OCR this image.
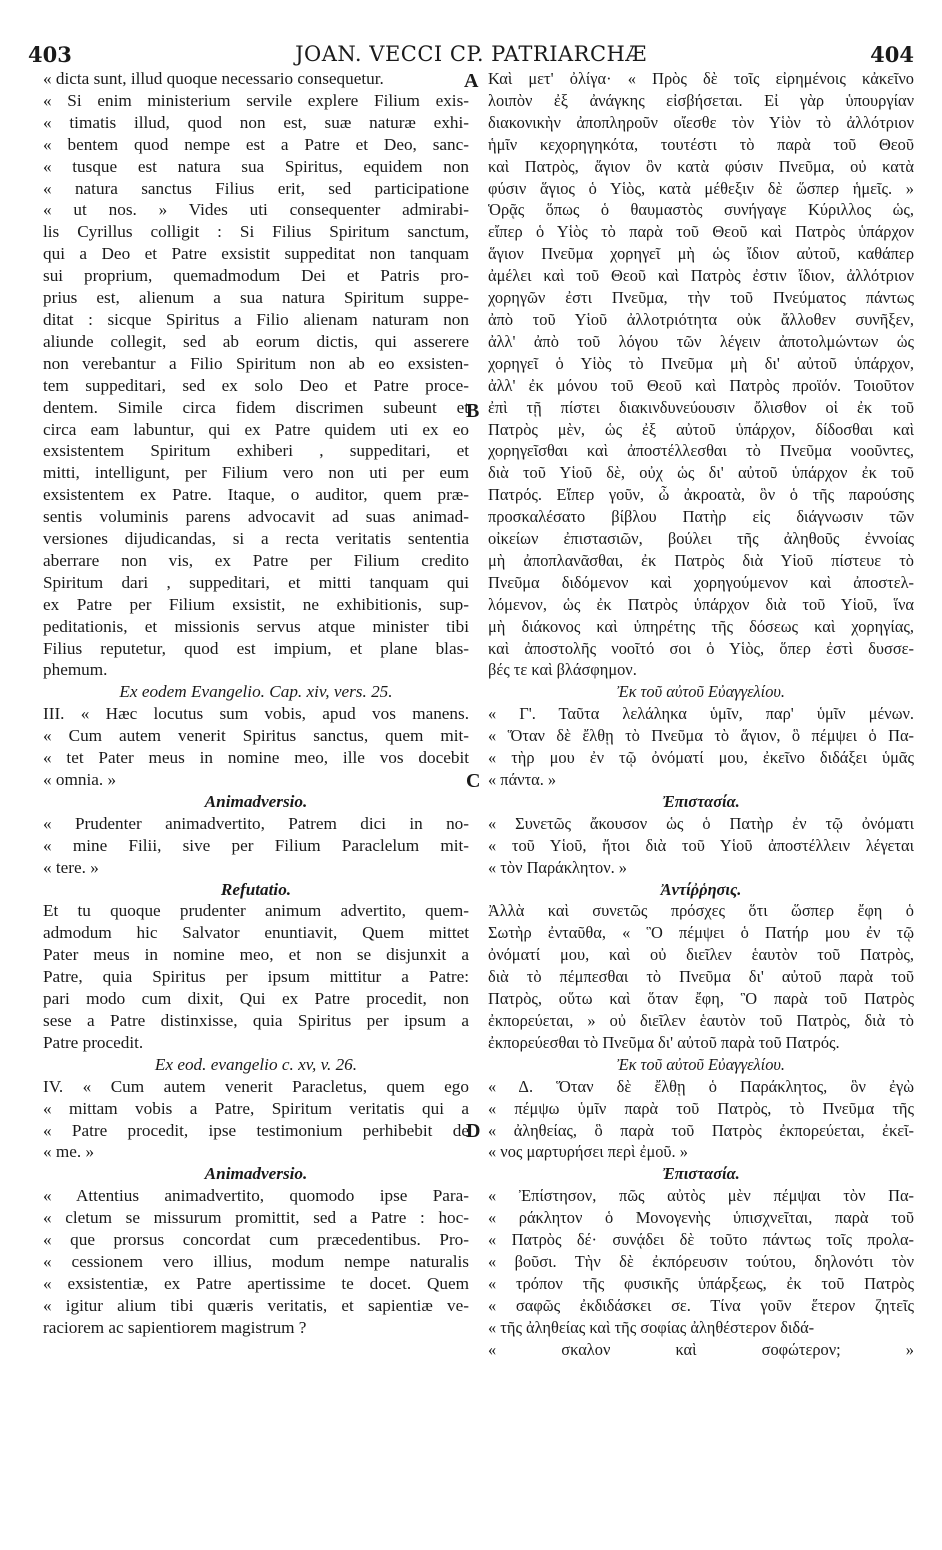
403	JOAN. VECCI CP. PATRIARCHÆ	404
« dicta sunt, illud quoque necessario consequetur.
« Si enim ministerium servile explere Filium exis-
« timatis illud, quod non est, suæ naturæ exhi-
« bentem quod nempe est a Patre et Deo, sanc-
« tusque est natura sua Spiritus, equidem non
« natura sanctus Filius erit, sed participatione
« ut nos. » Vides uti consequenter admirabi-
lis Cyrillus colligit : Si Filius Spiritum sanctum,
qui a Deo et Patre exsistit suppeditat non tanquam
sui proprium, quemadmodum Dei et Patris pro-
prius est, alienum a sua natura Spiritum suppe-
ditat : sicque Spiritus a Filio alienam naturam non
aliunde collegit, sed ab eorum dictis, qui asserere
non verebantur a Filio Spiritum non ab eo exsisten-
tem suppeditari, sed ex solo Deo et Patre proce-
dentem. Simile circa fidem discrimen subeunt et
circa eam labuntur, qui ex Patre quidem uti ex eo
exsistentem Spiritum exhiberi , suppeditari, et
mitti, intelligunt, per Filium vero non uti per eum
exsistentem ex Patre. Itaque, o auditor, quem præ-
sentis voluminis parens advocavit ad suas animad-
versiones dijudicandas, si a recta veritatis sententia
aberrare non vis, ex Patre per Filium credito
Spiritum dari , suppeditari, et mitti tanquam qui
ex Patre per Filium exsistit, ne exhibitionis, sup-
peditationis, et missionis servus atque minister tibi
Filius reputetur, quod est impium, et plane blas-
phemum.
Ex eodem Evangelio. Cap. xiv, vers. 25.
III. « Hæc locutus sum vobis, apud vos manens.
« Cum autem venerit Spiritus sanctus, quem mit-
« tet Pater meus in nomine meo, ille vos docebit
« omnia. »
Animadversio.
« Prudenter animadvertito, Patrem dici in no-
« mine Filii, sive per Filium Paraclelum mit-
« tere. »
Refutatio.
Et tu quoque prudenter animum advertito, quem-
admodum hic Salvator enuntiavit, Quem mittet
Pater meus in nomine meo, et non se disjunxit a
Patre, quia Spiritus per ipsum mittitur a Patre:
pari modo cum dixit, Qui ex Patre procedit, non
sese a Patre distinxisse, quia Spiritus per ipsum a
Patre procedit.
Ex eod. evangelio c. xv, v. 26.
IV. « Cum autem venerit Paracletus, quem ego
« mittam vobis a Patre, Spiritum veritatis qui a
« Patre procedit, ipse testimonium perhibebit de
« me. »
Animadversio.
« Attentius animadvertito, quomodo ipse Para-
« cletum se missurum promittit, sed a Patre : hoc-
« que prorsus concordat cum præcedentibus. Pro-
« cessionem vero illius, modum nempe naturalis
« exsistentiæ, ex Patre apertissime te docet. Quem
« igitur alium tibi quæris veritatis, et sapientiæ ve-
raciorem ac sapientiorem magistrum ?
Καὶ μετ' ὀλίγα· « Πρὸς δὲ τοῖς εἰρημένοις κἀκεῖνο
λοιπὸν ἐξ ἀνάγκης εἰσβήσεται. Εἰ γὰρ ὑπουργίαν
διακονικὴν ἀποπληροῦν οἴεσθε τὸν Υἱὸν τὸ ἀλλότριον
ἡμῖν κεχορηγηκότα, τουτέστι τὸ παρὰ τοῦ Θεοῦ
καὶ Πατρὸς, ἅγιον ὂν κατὰ φύσιν Πνεῦμα, οὐ κατὰ
φύσιν ἅγιος ὁ Υἱὸς, κατὰ μέθεξιν δὲ ὥσπερ ἡμεῖς. »
Ὁρᾷς ὅπως ὁ θαυμαστὸς συνήγαγε Κύριλλος ὡς,
εἴπερ ὁ Υἱὸς τὸ παρὰ τοῦ Θεοῦ καὶ Πατρὸς ὑπάρχον
ἅγιον Πνεῦμα χορηγεῖ μὴ ὡς ἴδιον αὐτοῦ, καθάπερ
ἀμέλει καὶ τοῦ Θεοῦ καὶ Πατρὸς ἐστιν ἴδιον, ἀλλότριον
χορηγῶν ἐστι Πνεῦμα, τὴν τοῦ Πνεύματος πάντως
ἀπὸ τοῦ Υἱοῦ ἀλλοτριότητα οὐκ ἄλλοθεν συνῆξεν,
ἀλλ' ἀπὸ τοῦ λόγου τῶν λέγειν ἀποτολμώντων ὡς
χορηγεῖ ὁ Υἱὸς τὸ Πνεῦμα μὴ δι' αὐτοῦ ὑπάρχον,
ἀλλ' ἐκ μόνου τοῦ Θεοῦ καὶ Πατρὸς προϊόν. Τοιοῦτον
ἐπὶ τῇ πίστει διακινδυνεύουσιν ὄλισθον οἱ ἐκ τοῦ
Πατρὸς μὲν, ὡς ἐξ αὐτοῦ ὑπάρχον, δίδοσθαι καὶ
χορηγεῖσθαι καὶ ἀποστέλλεσθαι τὸ Πνεῦμα νοοῦντες,
διὰ τοῦ Υἱοῦ δὲ, οὐχ ὡς δι' αὐτοῦ ὑπάρχον ἐκ τοῦ
Πατρός. Εἴπερ γοῦν, ὦ ἀκροατὰ, ὃν ὁ τῆς παρούσης
προσκαλέσατο βίβλου Πατὴρ εἰς διάγνωσιν τῶν
οἰκείων ἐπιστασιῶν, βούλει τῆς ἀληθοῦς ἐννοίας
μὴ ἀποπλανᾶσθαι, ἐκ Πατρὸς διὰ Υἱοῦ πίστευε τὸ
Πνεῦμα διδόμενον καὶ χορηγούμενον καὶ ἀποστελ-
λόμενον, ὡς ἐκ Πατρὸς ὑπάρχον διὰ τοῦ Υἱοῦ, ἵνα
μὴ διάκονος καὶ ὑπηρέτης τῆς δόσεως καὶ χορηγίας,
καὶ ἀποστολῆς νοοῖτό σοι ὁ Υἱὸς, ὅπερ ἐστὶ δυσσε-
βές τε καὶ βλάσφημον.
Ἐκ τοῦ αὐτοῦ Εὐαγγελίου.
« Γ'. Ταῦτα λελάληκα ὑμῖν, παρ' ὑμῖν μένων.
« Ὅταν δὲ ἔλθῃ τὸ Πνεῦμα τὸ ἅγιον, ὃ πέμψει ὁ Πα-
« τὴρ μου ἐν τῷ ὀνόματί μου, ἐκεῖνο διδάξει ὑμᾶς
« πάντα. »
Ἐπιστασία.
« Συνετῶς ἄκουσον ὡς ὁ Πατὴρ ἐν τῷ ὀνόματι
« τοῦ Υἱοῦ, ἤτοι διὰ τοῦ Υἱοῦ ἀποστέλλειν λέγεται
« τὸν Παράκλητον. »
Ἀντίῤῥησις.
Ἀλλὰ καὶ συνετῶς πρόσχες ὅτι ὥσπερ ἔφη ὁ
Σωτὴρ ἐνταῦθα, « Ὃ πέμψει ὁ Πατήρ μου ἐν τῷ
ὀνόματί μου, καὶ οὐ διεῖλεν ἑαυτὸν τοῦ Πατρὸς,
διὰ τὸ πέμπεσθαι τὸ Πνεῦμα δι' αὐτοῦ παρὰ τοῦ
Πατρὸς, οὕτω καὶ ὅταν ἔφη, Ὃ παρὰ τοῦ Πατρὸς
ἐκπορεύεται, » οὐ διεῖλεν ἑαυτὸν τοῦ Πατρὸς, διὰ τὸ
ἐκπορεύεσθαι τὸ Πνεῦμα δι' αὐτοῦ παρὰ τοῦ Πατρός.
Ἐκ τοῦ αὐτοῦ Εὐαγγελίου.
« Δ. Ὅταν δὲ ἔλθῃ ὁ Παράκλητος, ὃν ἐγὼ
« πέμψω ὑμῖν παρὰ τοῦ Πατρὸς, τὸ Πνεῦμα τῆς
« ἀληθείας, ὃ παρὰ τοῦ Πατρὸς ἐκπορεύεται, ἐκεῖ-
« νος μαρτυρήσει περὶ ἐμοῦ. »
Ἐπιστασία.
« Ἐπίστησον, πῶς αὐτὸς μὲν πέμψαι τὸν Πα-
« ράκλητον ὁ Μονογενὴς ὑπισχνεῖται, παρὰ τοῦ
« Πατρὸς δέ· συνᾴδει δὲ τοῦτο πάντως τοῖς προλα-
« βοῦσι. Τὴν δὲ ἐκπόρευσιν τούτου, δηλονότι τὸν
« τρόπον τῆς φυσικῆς ὑπάρξεως, ἐκ τοῦ Πατρὸς
« σαφῶς ἐκδιδάσκει σε. Τίνα γοῦν ἕτερον ζητεῖς
« τῆς ἀληθείας καὶ τῆς σοφίας ἀληθέστερον διδά-
« σκαλον καὶ σοφώτερον; »
A
B
C
D
